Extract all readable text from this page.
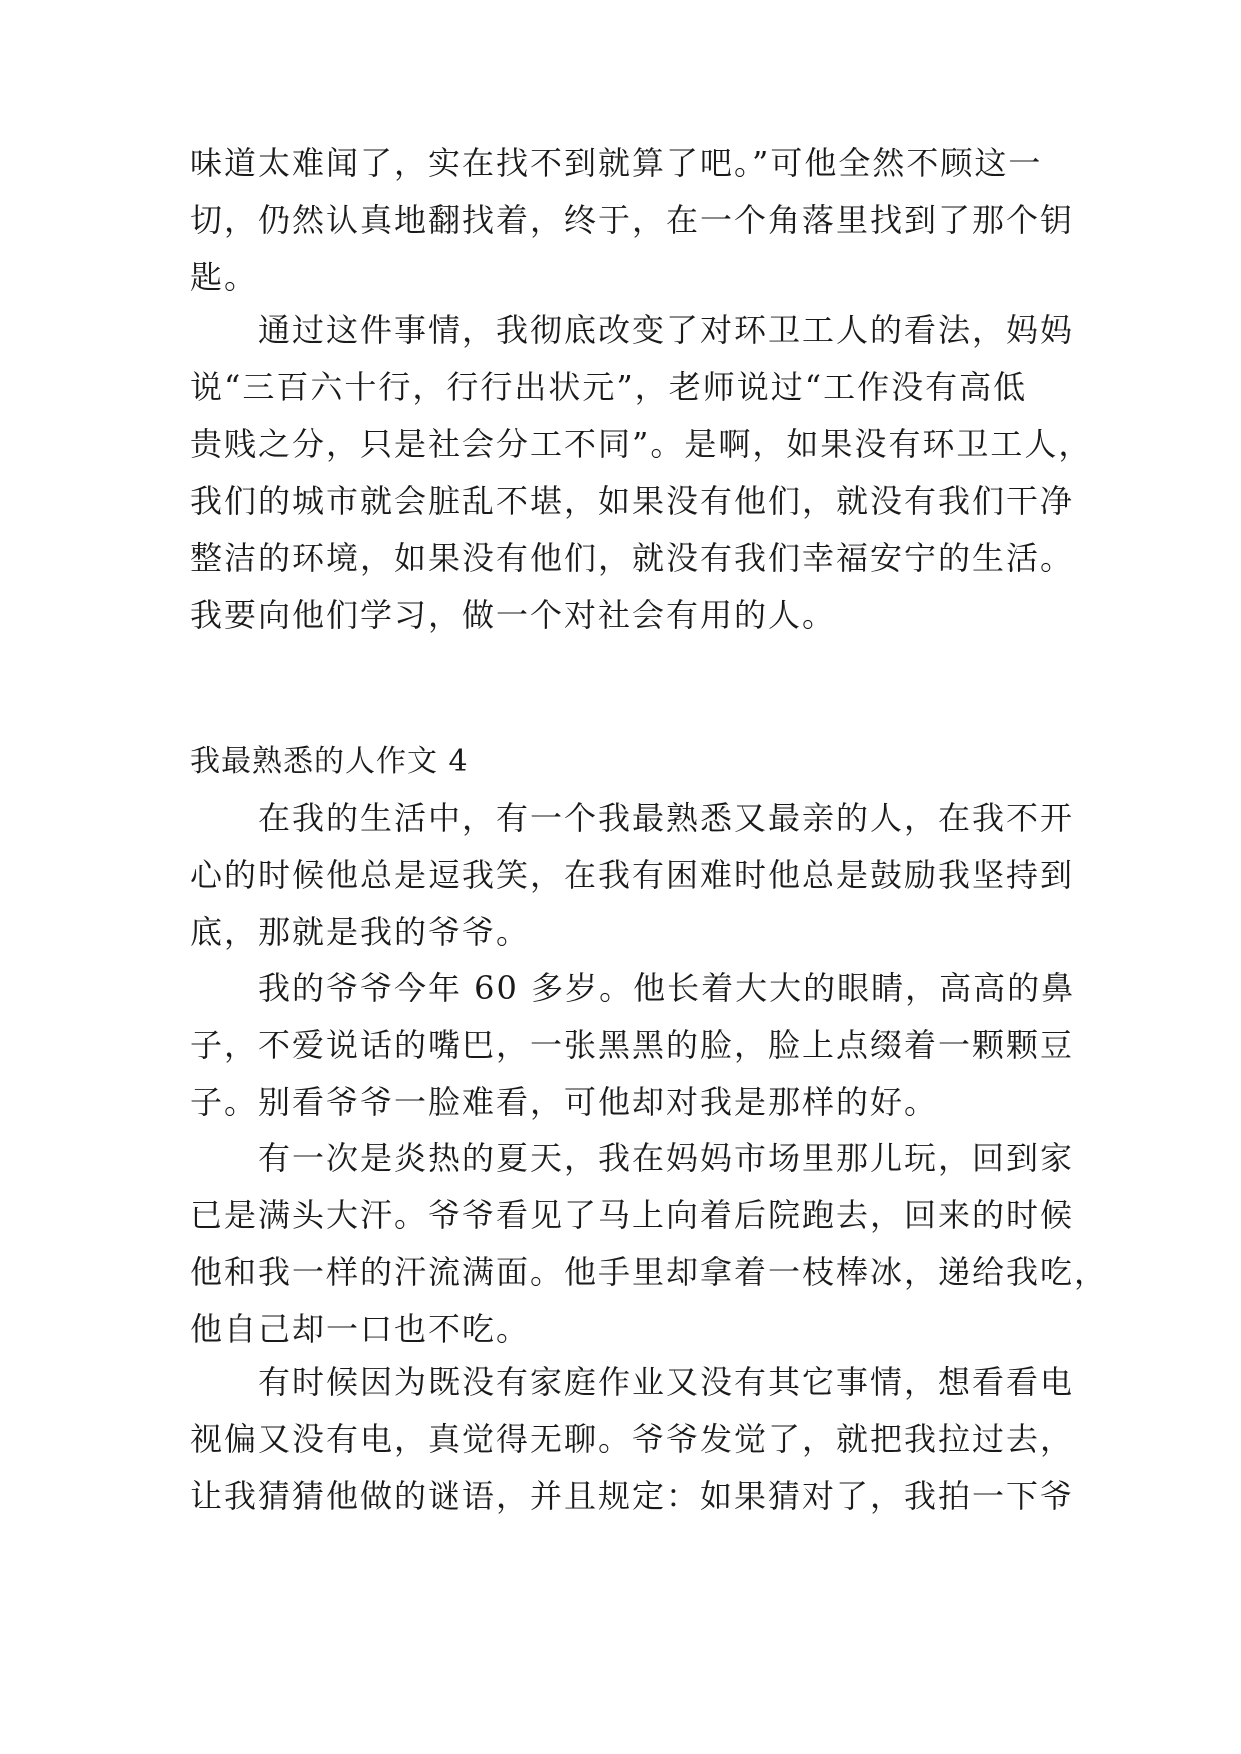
味道太难闻了，实在找不到就算了吧。”可他全然不顾这一
切，仍然认真地翻找着，终于，在一个角落里找到了那个钥
匙。
　　通过这件事情，我彻底改变了对环卫工人的看法，妈妈
说“三百六十行，行行出状元”，老师说过“工作没有高低
贵贱之分，只是社会分工不同”。是啊，如果没有环卫工人，
我们的城市就会脏乱不堪，如果没有他们，就没有我们干净
整洁的环境，如果没有他们，就没有我们幸福安宁的生活。
我要向他们学习，做一个对社会有用的人。
我最熟悉的人作文 4
　　在我的生活中，有一个我最熟悉又最亲的人，在我不开
心的时候他总是逗我笑，在我有困难时他总是鼓励我坚持到
底，那就是我的爷爷。
　　我的爷爷今年 60 多岁。他长着大大的眼睛，高高的鼻
子，不爱说话的嘴巴，一张黑黑的脸，脸上点缀着一颗颗豆
子。别看爷爷一脸难看，可他却对我是那样的好。
　　有一次是炎热的夏天，我在妈妈市场里那儿玩，回到家
已是满头大汗。爷爷看见了马上向着后院跑去，回来的时候
他和我一样的汗流满面。他手里却拿着一枝棒冰，递给我吃，
他自己却一口也不吃。
　　有时候因为既没有家庭作业又没有其它事情，想看看电
视偏又没有电，真觉得无聊。爷爷发觉了，就把我拉过去，
让我猜猜他做的谜语，并且规定：如果猜对了，我拍一下爷
